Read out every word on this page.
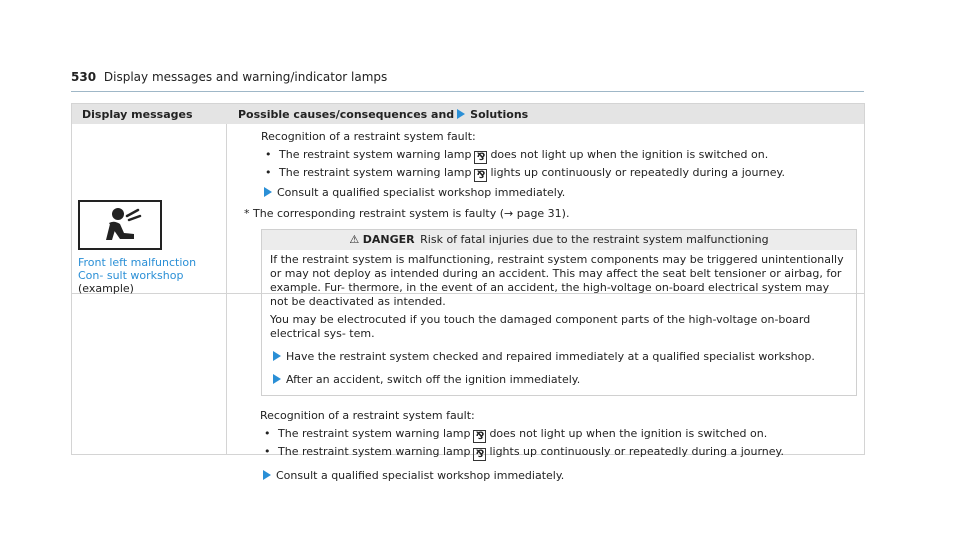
530 Display messages and warning/indicator lamps
Display messages	Possible causes/consequences and Solutions
Recognition of a restraint system fault:
• The restraint system warning lamp ⅋ does not light up when the ignition is switched on.
• The restraint system warning lamp ⅋ lights up continuously or repeatedly during a journey.
Consult a qualified specialist workshop immediately.
Front left malfunction Con- sult workshop (example)
* The corresponding restraint system is faulty (→ page 31).
⚠ DANGER Risk of fatal injuries due to the restraint system malfunctioning

If the restraint system is malfunctioning, restraint system components may be triggered unintentionally or may not deploy as intended during an accident. This may affect the seat belt tensioner or airbag, for example. Fur- thermore, in the event of an accident, the high-voltage on-board electrical system may not be deactivated as intended.

You may be electrocuted if you touch the damaged component parts of the high-voltage on-board electrical sys- tem.

Have the restraint system checked and repaired immediately at a qualified specialist workshop.
After an accident, switch off the ignition immediately.
Recognition of a restraint system fault:
• The restraint system warning lamp ⅋ does not light up when the ignition is switched on.
• The restraint system warning lamp ⅋ lights up continuously or repeatedly during a journey.
Consult a qualified specialist workshop immediately.
